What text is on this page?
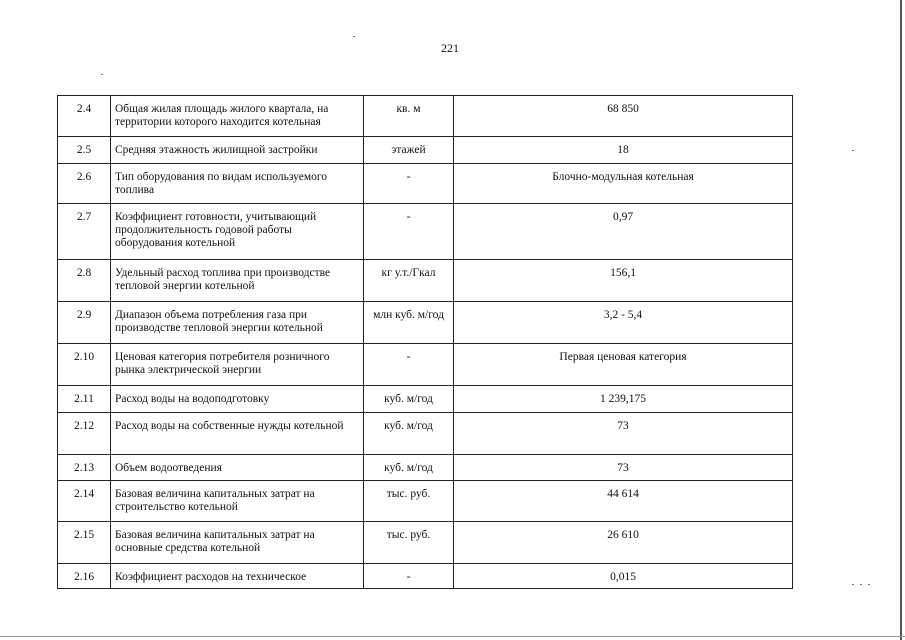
221
2.4	Общая жилая площадь жилого квартала, на территории которого находится котельная	кв. м	68 850
2.5	Средняя этажность жилищной застройки	этажей	18
2.6	Тип оборудования по видам используемого топлива	-	Блочно-модульная котельная
2.7	Коэффициент готовности, учитывающий продолжительность годовой работы оборудования котельной	-	0,97
2.8	Удельный расход топлива при производстве тепловой энергии котельной	кг у.т./Гкал	156,1
2.9	Диапазон объема потребления газа при производстве тепловой энергии котельной	млн куб. м/год	3,2 - 5,4
2.10	Ценовая категория потребителя розничного рынка электрической энергии	-	Первая ценовая категория
2.11	Расход воды на водоподготовку	куб. м/год	1 239,175
2.12	Расход воды на собственные нужды котельной	куб. м/год	73
2.13	Объем водоотведения	куб. м/год	73
2.14	Базовая величина капитальных затрат на строительство котельной	тыс. руб.	44 614
2.15	Базовая величина капитальных затрат на основные средства котельной	тыс. руб.	26 610
2.16	Коэффициент расходов на техническое	-	0,015
